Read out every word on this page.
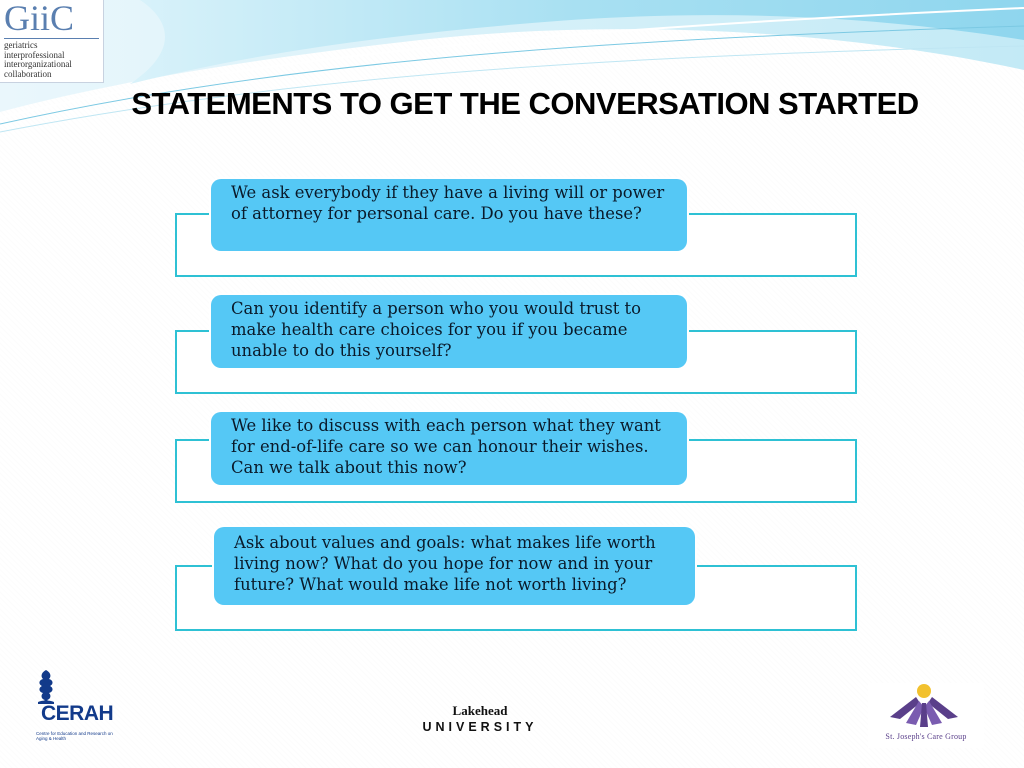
GiiC
geriatrics
interprofessional
interorganizational
collaboration
STATEMENTS TO GET THE CONVERSATION STARTED
We ask everybody if they have a living will or power of attorney for personal care. Do you have these?
Can you identify a person who you would trust to make health care choices for you if you became unable to do this yourself?
We like to discuss with each person what they want for end-of-life care so we can honour their wishes. Can we talk about this now?
Ask about values and goals: what makes life worth living now? What do you hope for now and in your future? What would make life not worth living?
CERAH
Centre for Education and Research on Aging & Health
Lakehead
UNIVERSITY
St. Joseph's Care Group
